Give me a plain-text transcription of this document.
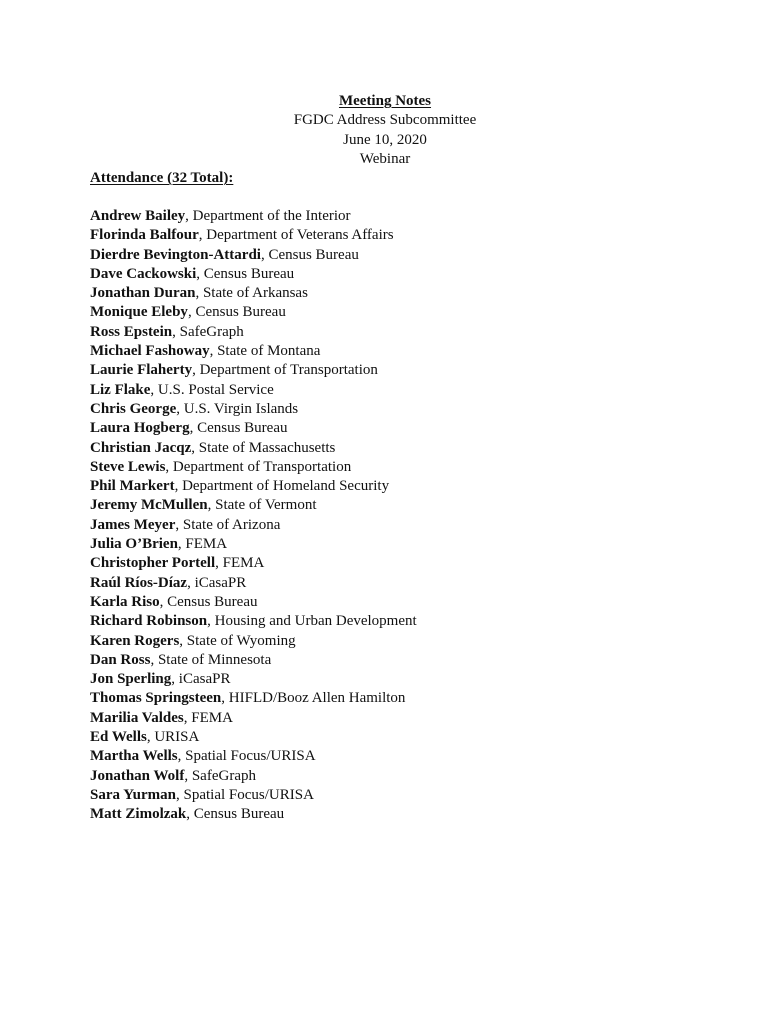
Meeting Notes
FGDC Address Subcommittee
June 10, 2020
Webinar
Attendance (32 Total):
Andrew Bailey, Department of the Interior
Florinda Balfour, Department of Veterans Affairs
Dierdre Bevington-Attardi, Census Bureau
Dave Cackowski, Census Bureau
Jonathan Duran, State of Arkansas
Monique Eleby, Census Bureau
Ross Epstein, SafeGraph
Michael Fashoway, State of Montana
Laurie Flaherty, Department of Transportation
Liz Flake, U.S. Postal Service
Chris George, U.S. Virgin Islands
Laura Hogberg, Census Bureau
Christian Jacqz, State of Massachusetts
Steve Lewis, Department of Transportation
Phil Markert, Department of Homeland Security
Jeremy McMullen, State of Vermont
James Meyer, State of Arizona
Julia O’Brien, FEMA
Christopher Portell, FEMA
Raúl Ríos-Díaz, iCasaPR
Karla Riso, Census Bureau
Richard Robinson, Housing and Urban Development
Karen Rogers, State of Wyoming
Dan Ross, State of Minnesota
Jon Sperling, iCasaPR
Thomas Springsteen, HIFLD/Booz Allen Hamilton
Marilia Valdes, FEMA
Ed Wells, URISA
Martha Wells, Spatial Focus/URISA
Jonathan Wolf, SafeGraph
Sara Yurman, Spatial Focus/URISA
Matt Zimolzak, Census Bureau
